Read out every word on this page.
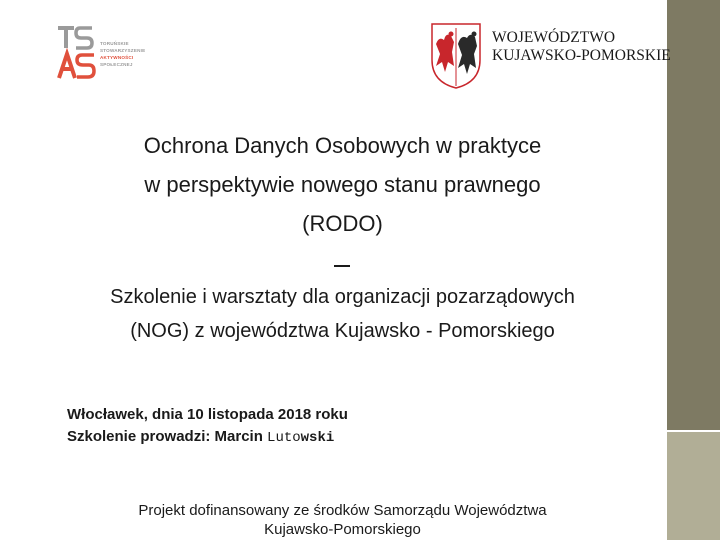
TORUŃSKIE
STOWARZYSZENIE
AKTYWNOŚCI
SPOŁECZNEJ
WOJEWÓDZTWO
KUJAWSKO-POMORSKIE
Ochrona Danych Osobowych w praktyce
w perspektywie nowego stanu prawnego
(RODO)
Szkolenie i warsztaty dla organizacji pozarządowych
(NOG) z województwa Kujawsko - Pomorskiego
Włocławek, dnia 10 listopada 2018 roku
Szkolenie prowadzi: Marcin Lutowski
Projekt dofinansowany ze środków Samorządu Województwa
Kujawsko-Pomorskiego
